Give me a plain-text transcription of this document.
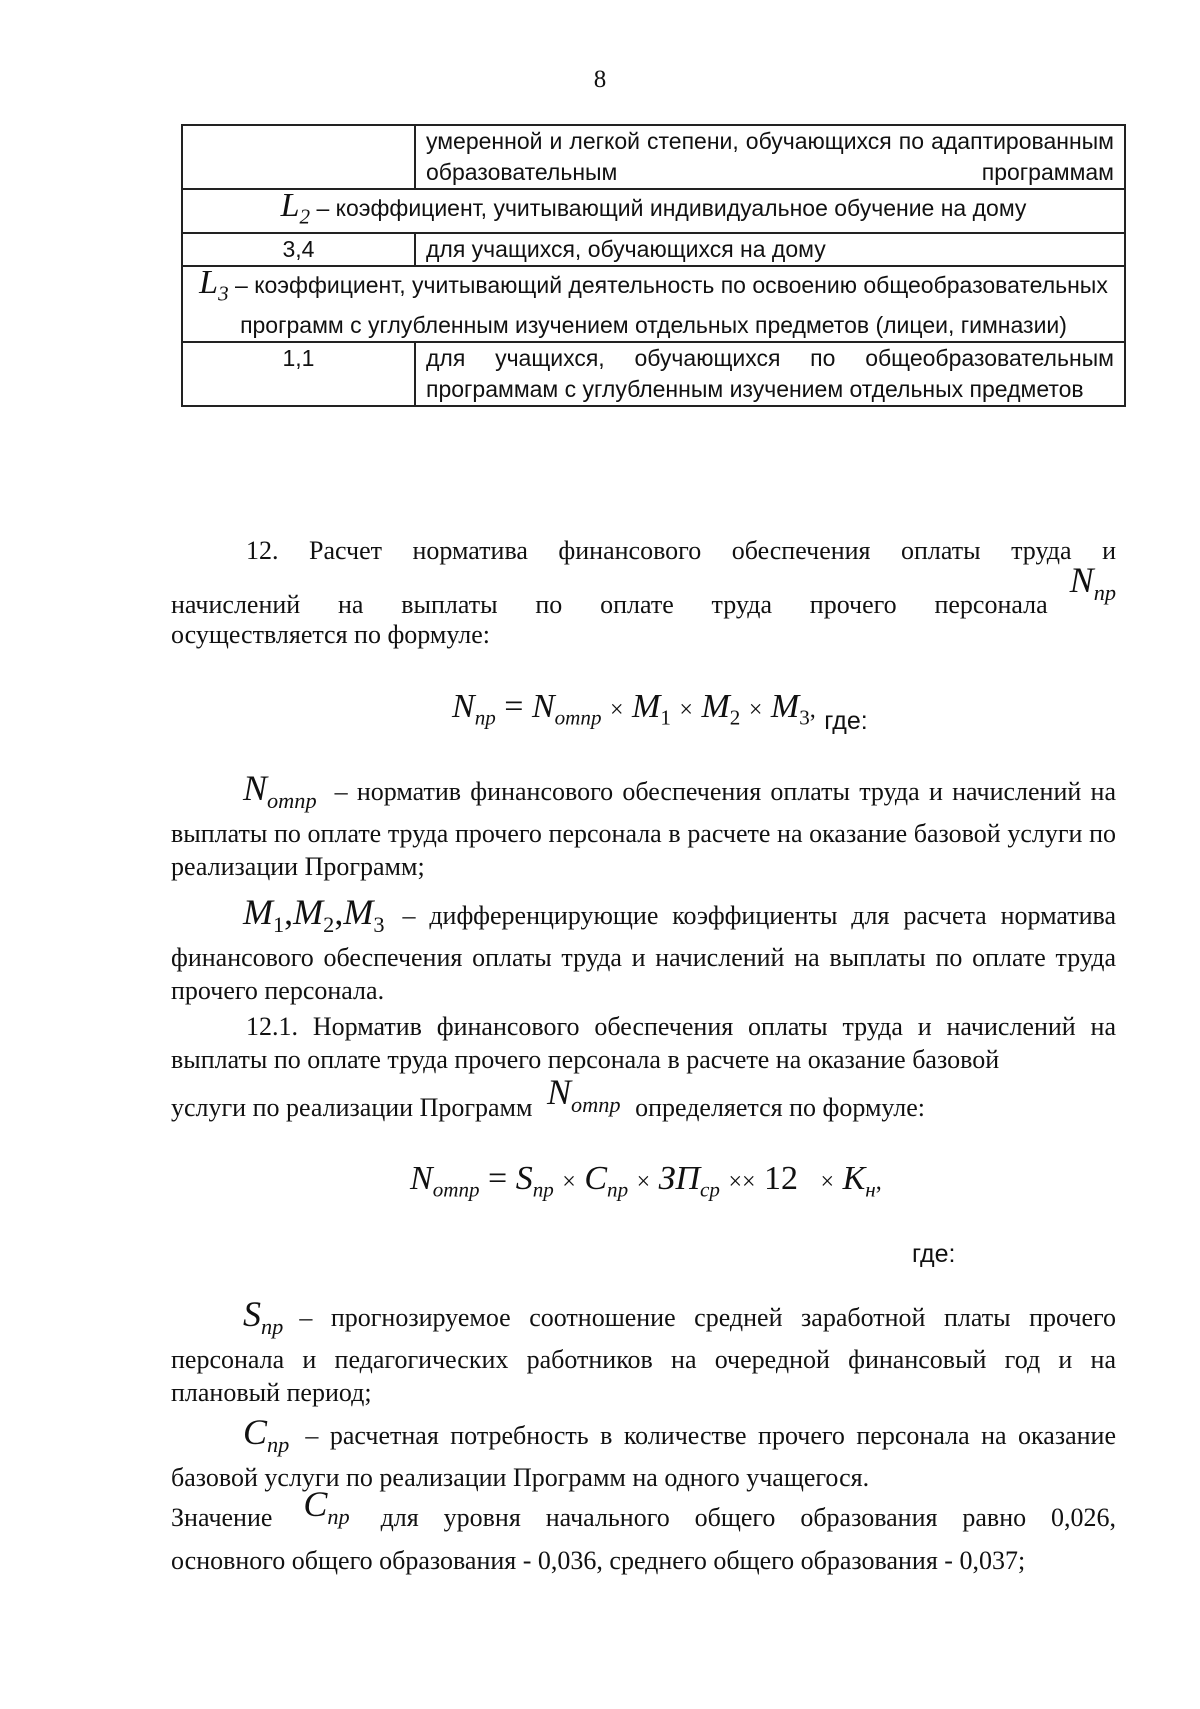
8
	умеренной и легкой степени, обучающихся по адаптированным образовательным программам
$L_2$ – коэффициент, учитывающий индивидуальное обучение на дому	
3,4	для учащихся, обучающихся на дому
$L_3$ – коэффициент, учитывающий деятельность по освоению общеобразовательных программ с углубленным изучением отдельных предметов (лицеи, гимназии)	
1,1	для учащихся, обучающихся по общеобразовательным программам с углубленным изучением отдельных предметов
12. Расчет норматива финансового обеспечения оплаты труда и
начислений на выплаты по оплате труда прочего персонала
$N_{пр}$
осуществляется по формуле:
$N_{пр} = N_{отпр} \times M_1 \times M_2 \times M_3$, $_{где:}$
$N_{отпр}$ – норматив финансового обеспечения оплаты труда и начислений на выплаты по оплате труда прочего персонала в расчете на оказание базовой услуги по реализации Программ;
$M_1,M_2,M_3$ – дифференцирующие коэффициенты для расчета норматива финансового обеспечения оплаты труда и начислений на выплаты по оплате труда прочего персонала.
12.1. Норматив финансового обеспечения оплаты труда и начислений на выплаты по оплате труда прочего персонала в расчете на оказание базовой
услуги по реализации Программ $N_{отпр}$ определяется по формуле:
$N_{отпр} = S_{пр} \times C_{пр} \times ЗП_{ср} \times\times 12 \times K_н$,
где:
$S_{пр}$ – прогнозируемое соотношение средней заработной платы прочего персонала и педагогических работников на очередной финансовый год и на плановый период;
$C_{пр}$ – расчетная потребность в количестве прочего персонала на оказание базовой услуги по реализации Программ на одного учащегося.
Значение $C_{пр}$ для уровня начального общего образования равно 0,026,
основного общего образования - 0,036, среднего общего образования - 0,037;
